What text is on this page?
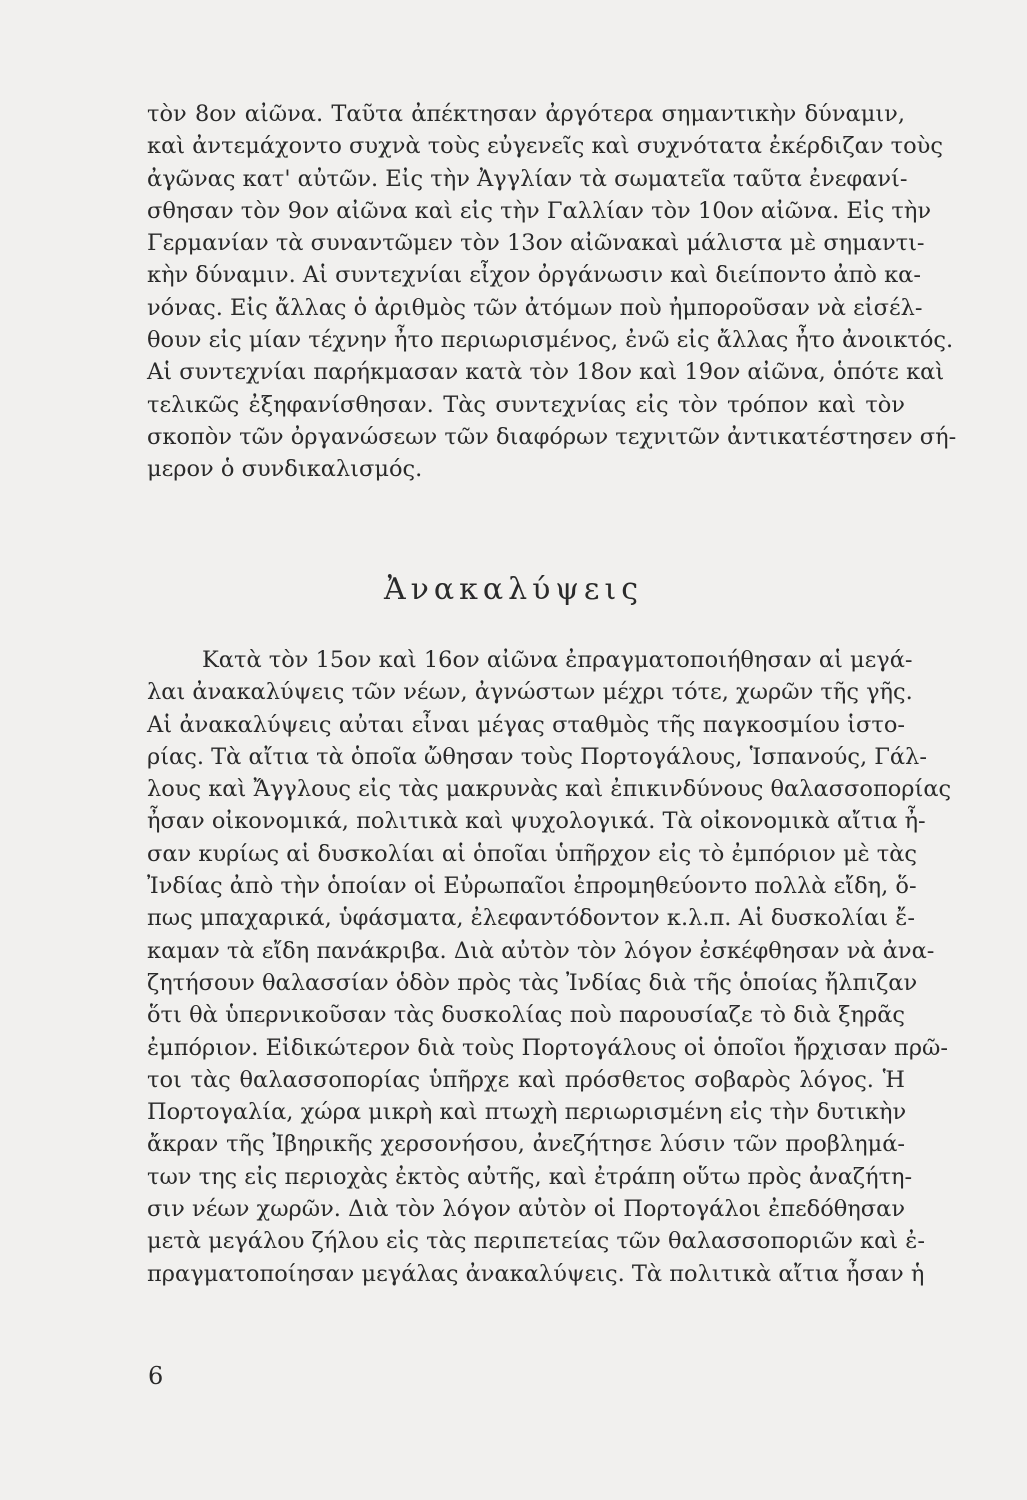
τὸν 8ον αἰῶνα. Ταῦτα ἀπέκτησαν ἀργότερα σημαντικὴν δύναμιν,
καὶ ἀντεμάχοντο συχνὰ τοὺς εὐγενεῖς καὶ συχνότατα ἐκέρδιζαν τοὺς
ἀγῶνας κατ' αὐτῶν. Εἰς τὴν Ἀγγλίαν τὰ σωματεῖα ταῦτα ἐνεφανί-
σθησαν τὸν 9ον αἰῶνα καὶ εἰς τὴν Γαλλίαν τὸν 10ον αἰῶνα. Εἰς τὴν
Γερμανίαν τὰ συναντῶμεν τὸν 13ον αἰῶνακαὶ μάλιστα μὲ σημαντι-
κὴν δύναμιν. Αἱ συντεχνίαι εἶχον ὀργάνωσιν καὶ διείποντο ἀπὸ κα-
νόνας. Εἰς ἄλλας ὁ ἀριθμὸς τῶν ἀτόμων ποὺ ἠμποροῦσαν νὰ εἰσέλ-
θουν εἰς μίαν τέχνην ἦτο περιωρισμένος, ἐνῶ εἰς ἄλλας ἦτο ἀνοικτός.
Αἱ συντεχνίαι παρήκμασαν κατὰ τὸν 18ον καὶ 19ον αἰῶνα, ὁπότε καὶ
τελικῶς ἐξηφανίσθησαν. Τὰς συντεχνίας εἰς τὸν τρόπον καὶ τὸν
σκοπὸν τῶν ὀργανώσεων τῶν διαφόρων τεχνιτῶν ἀντικατέστησεν σή-
μερον ὁ συνδικαλισμός.
Ἀνακαλύψεις
Κατὰ τὸν 15ον καὶ 16ον αἰῶνα ἐπραγματοποιήθησαν αἱ μεγά-
λαι ἀνακαλύψεις τῶν νέων, ἀγνώστων μέχρι τότε, χωρῶν τῆς γῆς.
Αἱ ἀνακαλύψεις αὐται εἶναι μέγας σταθμὸς τῆς παγκοσμίου ἱστο-
ρίας. Τὰ αἴτια τὰ ὁποῖα ὤθησαν τοὺς Πορτογάλους, Ἱσπανούς, Γάλ-
λους καὶ Ἄγγλους εἰς τὰς μακρυνὰς καὶ ἐπικινδύνους θαλασσοπορίας
ἦσαν οἰκονομικά, πολιτικὰ καὶ ψυχολογικά. Τὰ οἰκονομικὰ αἴτια ἦ-
σαν κυρίως αἱ δυσκολίαι αἱ ὁποῖαι ὑπῆρχον εἰς τὸ ἐμπόριον μὲ τὰς
Ἰνδίας ἀπὸ τὴν ὁποίαν οἱ Εὐρωπαῖοι ἐπρομηθεύοντο πολλὰ εἴδη, ὅ-
πως μπαχαρικά, ὑφάσματα, ἐλεφαντόδοντον κ.λ.π. Αἱ δυσκολίαι ἔ-
καμαν τὰ εἴδη πανάκριβα. Διὰ αὐτὸν τὸν λόγον ἐσκέφθησαν νὰ ἀνα-
ζητήσουν θαλασσίαν ὁδὸν πρὸς τὰς Ἰνδίας διὰ τῆς ὁποίας ἤλπιζαν
ὅτι θὰ ὑπερνικοῦσαν τὰς δυσκολίας ποὺ παρουσίαζε τὸ διὰ ξηρᾶς
ἐμπόριον. Εἰδικώτερον διὰ τοὺς Πορτογάλους οἱ ὁποῖοι ἤρχισαν πρῶ-
τοι τὰς θαλασσοπορίας ὑπῆρχε καὶ πρόσθετος σοβαρὸς λόγος. Ἡ
Πορτογαλία, χώρα μικρὴ καὶ πτωχὴ περιωρισμένη εἰς τὴν δυτικὴν
ἄκραν τῆς Ἰβηρικῆς χερσονήσου, ἀνεζήτησε λύσιν τῶν προβλημά-
των της εἰς περιοχὰς ἐκτὸς αὐτῆς, καὶ ἐτράπη οὕτω πρὸς ἀναζήτη-
σιν νέων χωρῶν. Διὰ τὸν λόγον αὐτὸν οἱ Πορτογάλοι ἐπεδόθησαν
μετὰ μεγάλου ζήλου εἰς τὰς περιπετείας τῶν θαλασσοποριῶν καὶ ἐ-
πραγματοποίησαν μεγάλας ἀνακαλύψεις. Τὰ πολιτικὰ αἴτια ἦσαν ἡ
6
